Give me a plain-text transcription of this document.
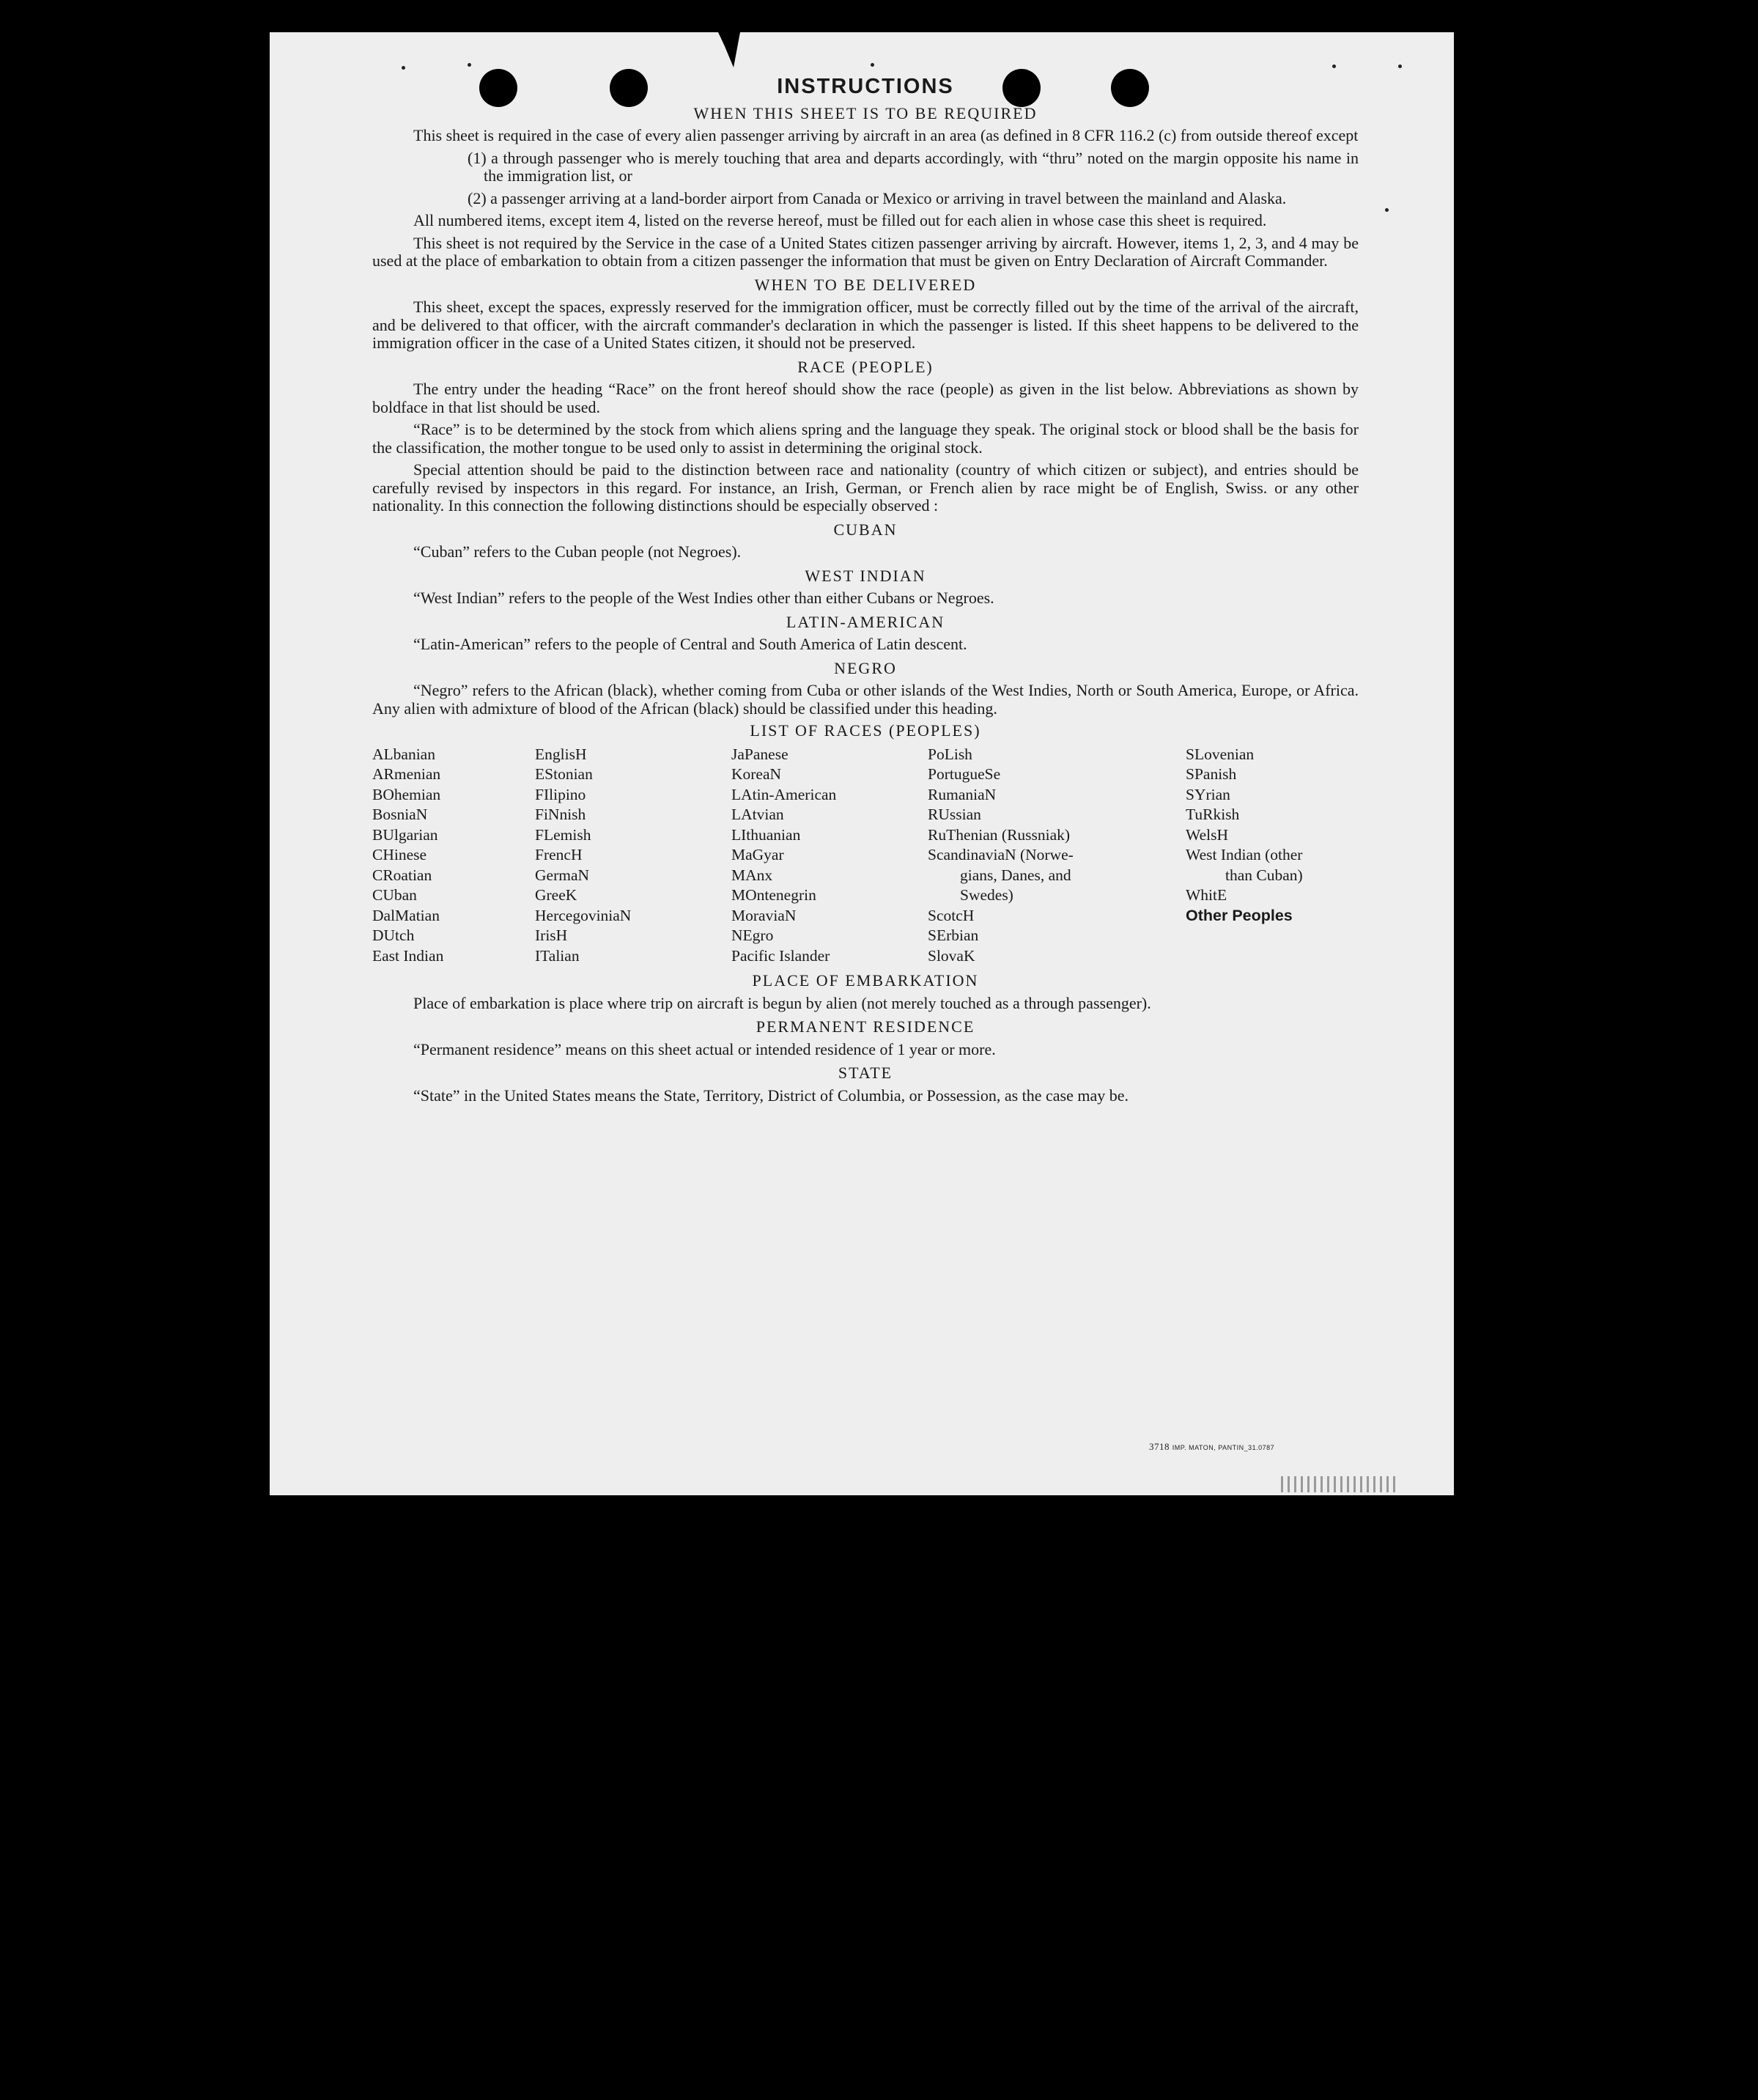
INSTRUCTIONS
WHEN THIS SHEET IS TO BE REQUIRED

This sheet is required in the case of every alien passenger arriving by aircraft in an area (as defined in 8 CFR 116.2 (c) from outside thereof except

(1) a through passenger who is merely touching that area and departs accordingly, with “thru” noted on the margin opposite his name in the immigration list, or

(2) a passenger arriving at a land-border airport from Canada or Mexico or arriving in travel between the mainland and Alaska.

All numbered items, except item 4, listed on the reverse hereof, must be filled out for each alien in whose case this sheet is required.

This sheet is not required by the Service in the case of a United States citizen passenger arriving by aircraft. However, items 1, 2, 3, and 4 may be used at the place of embarkation to obtain from a citizen passenger the information that must be given on Entry Declaration of Aircraft Commander.

WHEN TO BE DELIVERED

This sheet, except the spaces, expressly reserved for the immigration officer, must be correctly filled out by the time of the arrival of the aircraft, and be delivered to that officer, with the aircraft commander's declaration in which the passenger is listed. If this sheet happens to be delivered to the immigration officer in the case of a United States citizen, it should not be preserved.

RACE (PEOPLE)

The entry under the heading “Race” on the front hereof should show the race (people) as given in the list below. Abbreviations as shown by boldface in that list should be used.

“Race” is to be determined by the stock from which aliens spring and the language they speak. The original stock or blood shall be the basis for the classification, the mother tongue to be used only to assist in determining the original stock.

Special attention should be paid to the distinction between race and nationality (country of which citizen or subject), and entries should be carefully revised by inspectors in this regard. For instance, an Irish, German, or French alien by race might be of English, Swiss. or any other nationality. In this connection the following distinctions should be especially observed :

CUBAN

“Cuban” refers to the Cuban people (not Negroes).

WEST INDIAN

“West Indian” refers to the people of the West Indies other than either Cubans or Negroes.

LATIN-AMERICAN

“Latin-American” refers to the people of Central and South America of Latin descent.

NEGRO

“Negro” refers to the African (black), whether coming from Cuba or other islands of the West Indies, North or South America, Europe, or Africa. Any alien with admixture of blood of the African (black) should be classified under this heading.

LIST OF RACES (PEOPLES)
ALbanian
ARmenian
BOhemian
BosniaN
BUlgarian
CHinese
CRoatian
CUban
DalMatian
DUtch
East Indian
EnglisH
EStonian
FIlipino
FiNnish
FLemish
FrencH
GermaN
GreeK
HercegoviniaN
IrisH
ITalian
JaPanese
KoreaN
LAtin-American
LAtvian
LIthuanian
MaGyar
MAnx
MOntenegrin
MoraviaN
NEgro
Pacific Islander
PoLish
PortugueSe
RumaniaN
RUssian
RuThenian (Russniak)
ScandinaviaN (Norwe-
gians, Danes, and
Swedes)
ScotcH
SErbian
SlovaK
SLovenian
SPanish
SYrian
TuRkish
WelsH
West Indian (other
than Cuban)
WhitE
Other Peoples
PLACE OF EMBARKATION

Place of embarkation is place where trip on aircraft is begun by alien (not merely touched as a through passenger).

PERMANENT RESIDENCE

“Permanent residence” means on this sheet actual or intended residence of 1 year or more.

STATE

“State” in the United States means the State, Territory, District of Columbia, or Possession, as the case may be.

3718 IMP. MATON, PANTIN_31.0787
